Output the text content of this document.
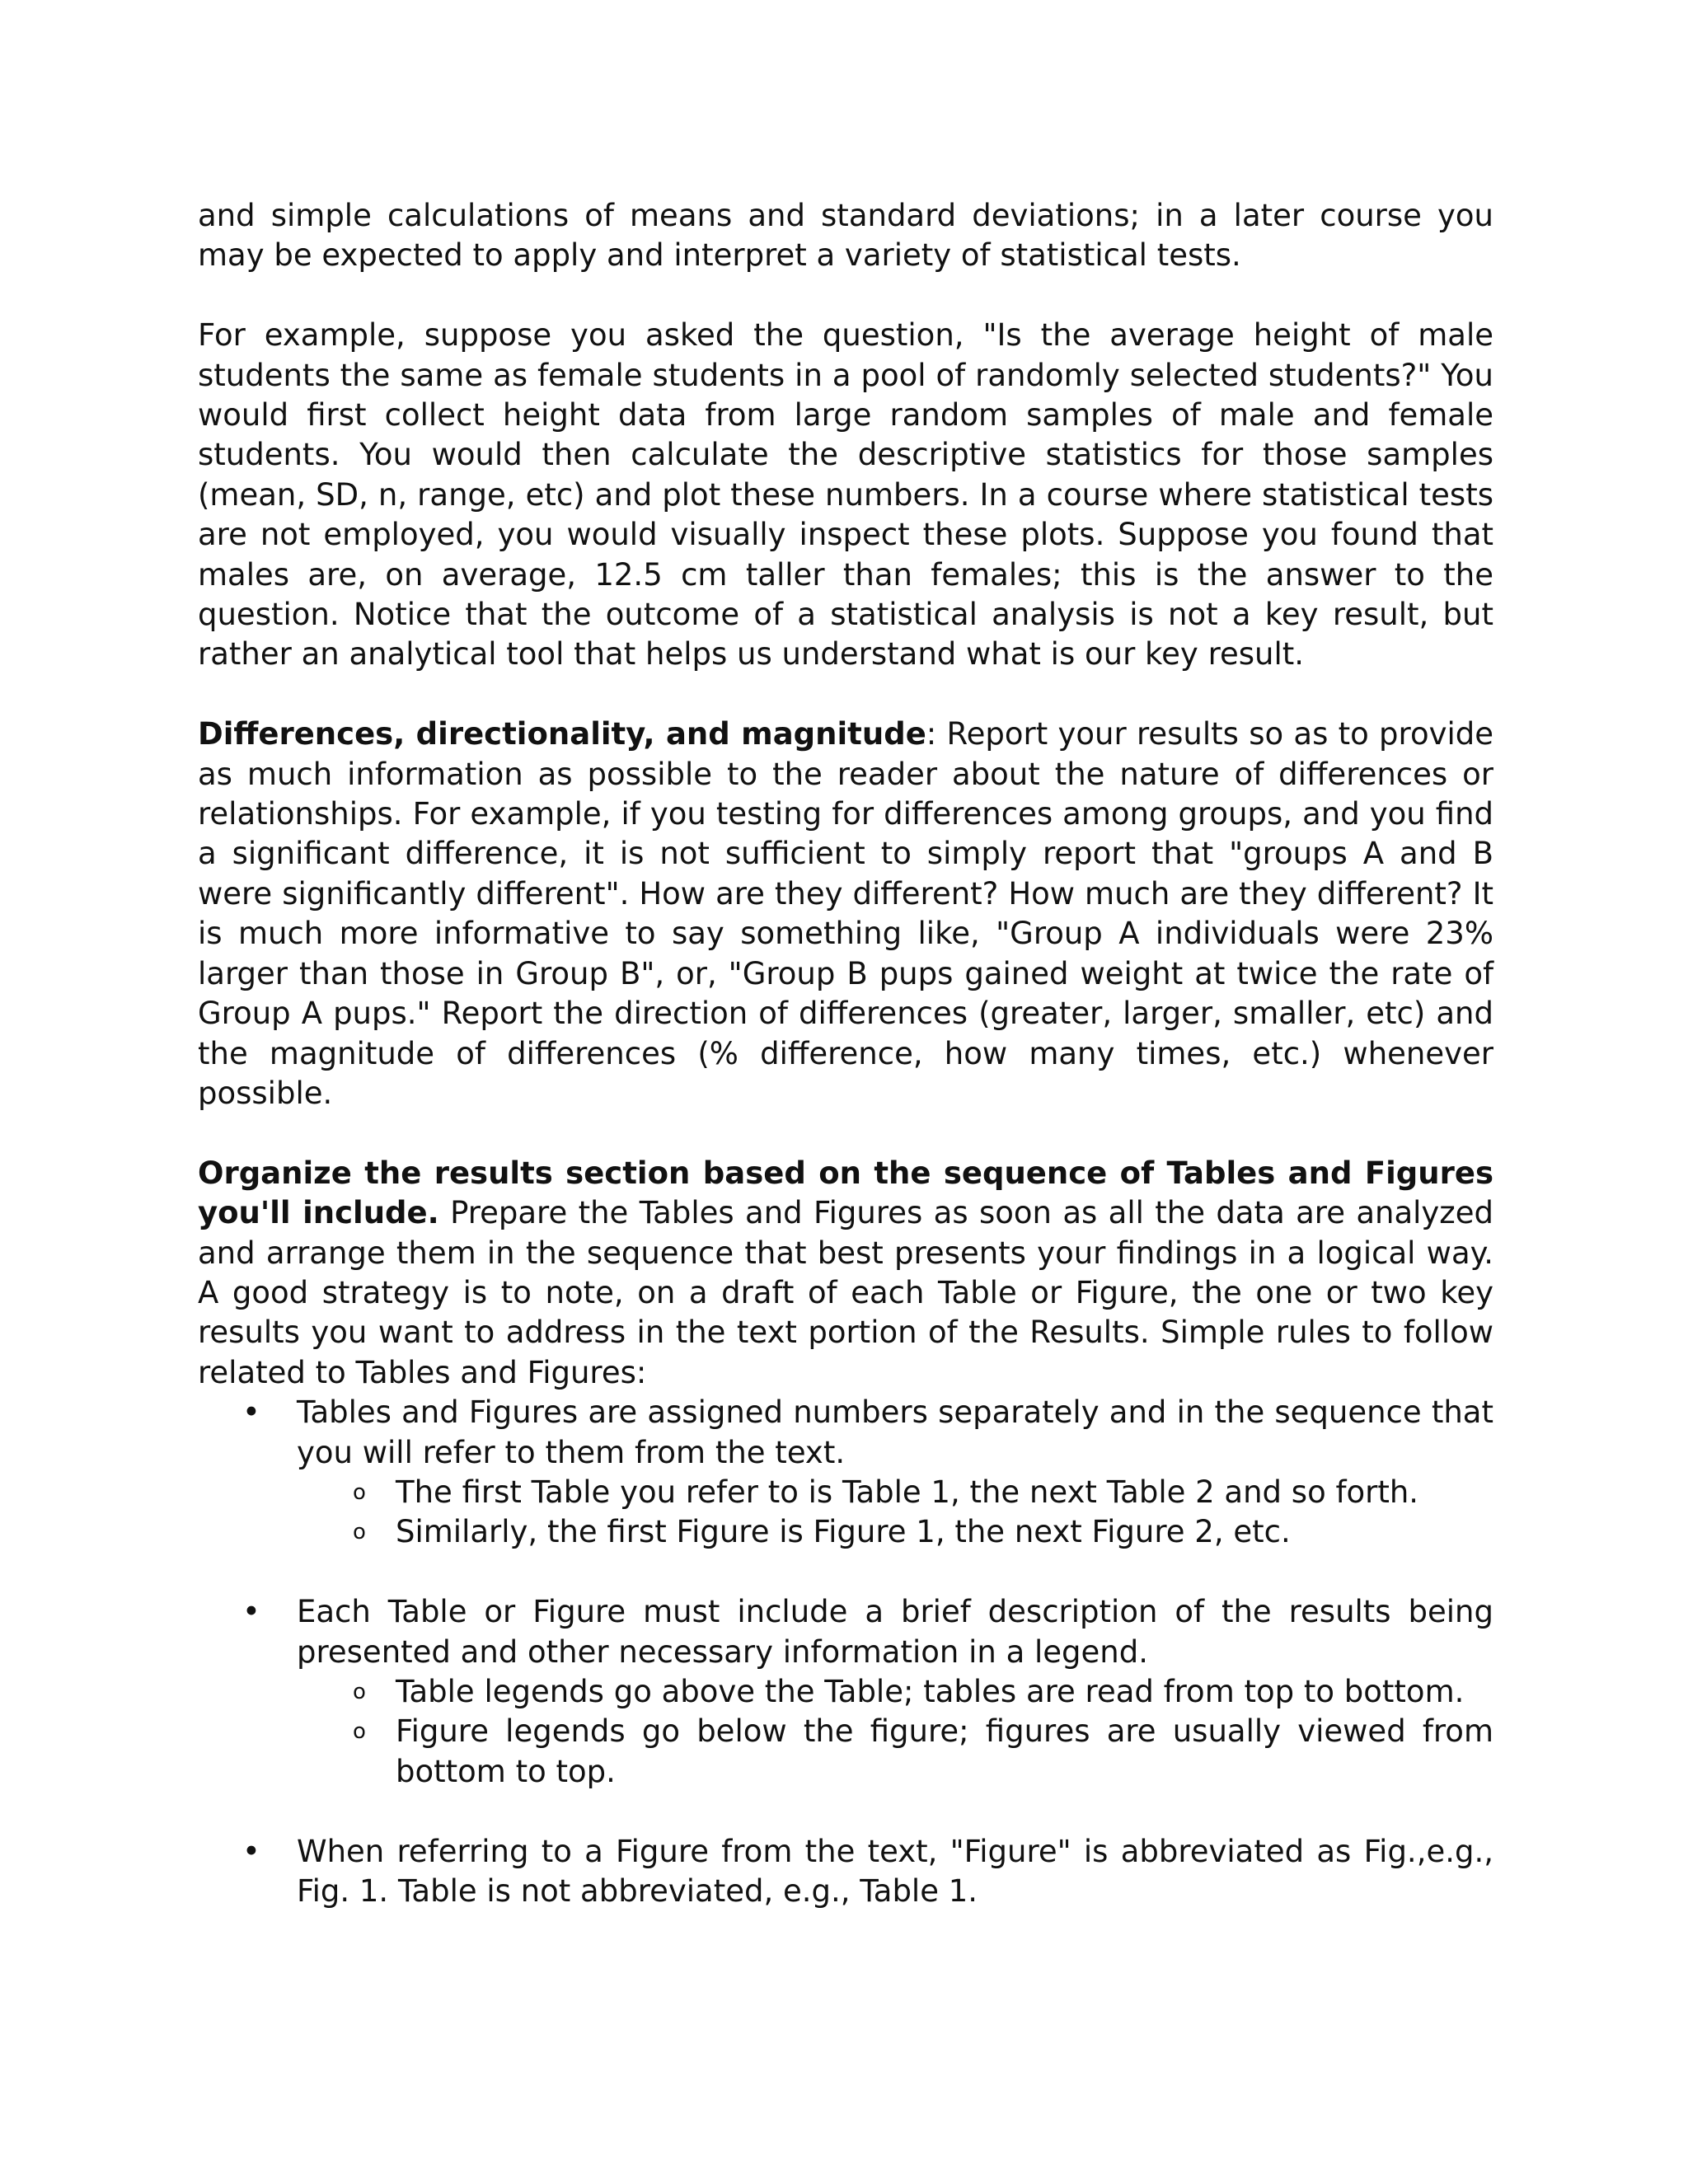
and simple calculations of means and standard deviations; in a later course you may be expected to apply and interpret a variety of statistical tests.

For example, suppose you asked the question, "Is the average height of male students the same as female students in a pool of randomly selected students?" You would first collect height data from large random samples of male and female students. You would then calculate the descriptive statistics for those samples (mean, SD, n, range, etc) and plot these numbers. In a course where statistical tests are not employed, you would visually inspect these plots. Suppose you found that males are, on average, 12.5 cm taller than females; this is the answer to the question. Notice that the outcome of a statistical analysis is not a key result, but rather an analytical tool that helps us understand what is our key result.

Differences, directionality, and magnitude: Report your results so as to provide as much information as possible to the reader about the nature of differences or relationships. For example, if you testing for differences among groups, and you find a significant difference, it is not sufficient to simply report that "groups A and B were significantly different". How are they different? How much are they different? It is much more informative to say something like, "Group A individuals were 23% larger than those in Group B", or, "Group B pups gained weight at twice the rate of Group A pups." Report the direction of differences (greater, larger, smaller, etc) and the magnitude of differences (% difference, how many times, etc.) whenever possible.

Organize the results section based on the sequence of Tables and Figures you'll include. Prepare the Tables and Figures as soon as all the data are analyzed and arrange them in the sequence that best presents your findings in a logical way. A good strategy is to note, on a draft of each Table or Figure, the one or two key results you want to address in the text portion of the Results. Simple rules to follow related to Tables and Figures:

• Tables and Figures are assigned numbers separately and in the sequence that you will refer to them from the text.
o The first Table you refer to is Table 1, the next Table 2 and so forth.
o Similarly, the first Figure is Figure 1, the next Figure 2, etc.
• Each Table or Figure must include a brief description of the results being presented and other necessary information in a legend.
o Table legends go above the Table; tables are read from top to bottom.
o Figure legends go below the figure; figures are usually viewed from bottom to top.
• When referring to a Figure from the text, "Figure" is abbreviated as Fig.,e.g., Fig. 1. Table is not abbreviated, e.g., Table 1.
